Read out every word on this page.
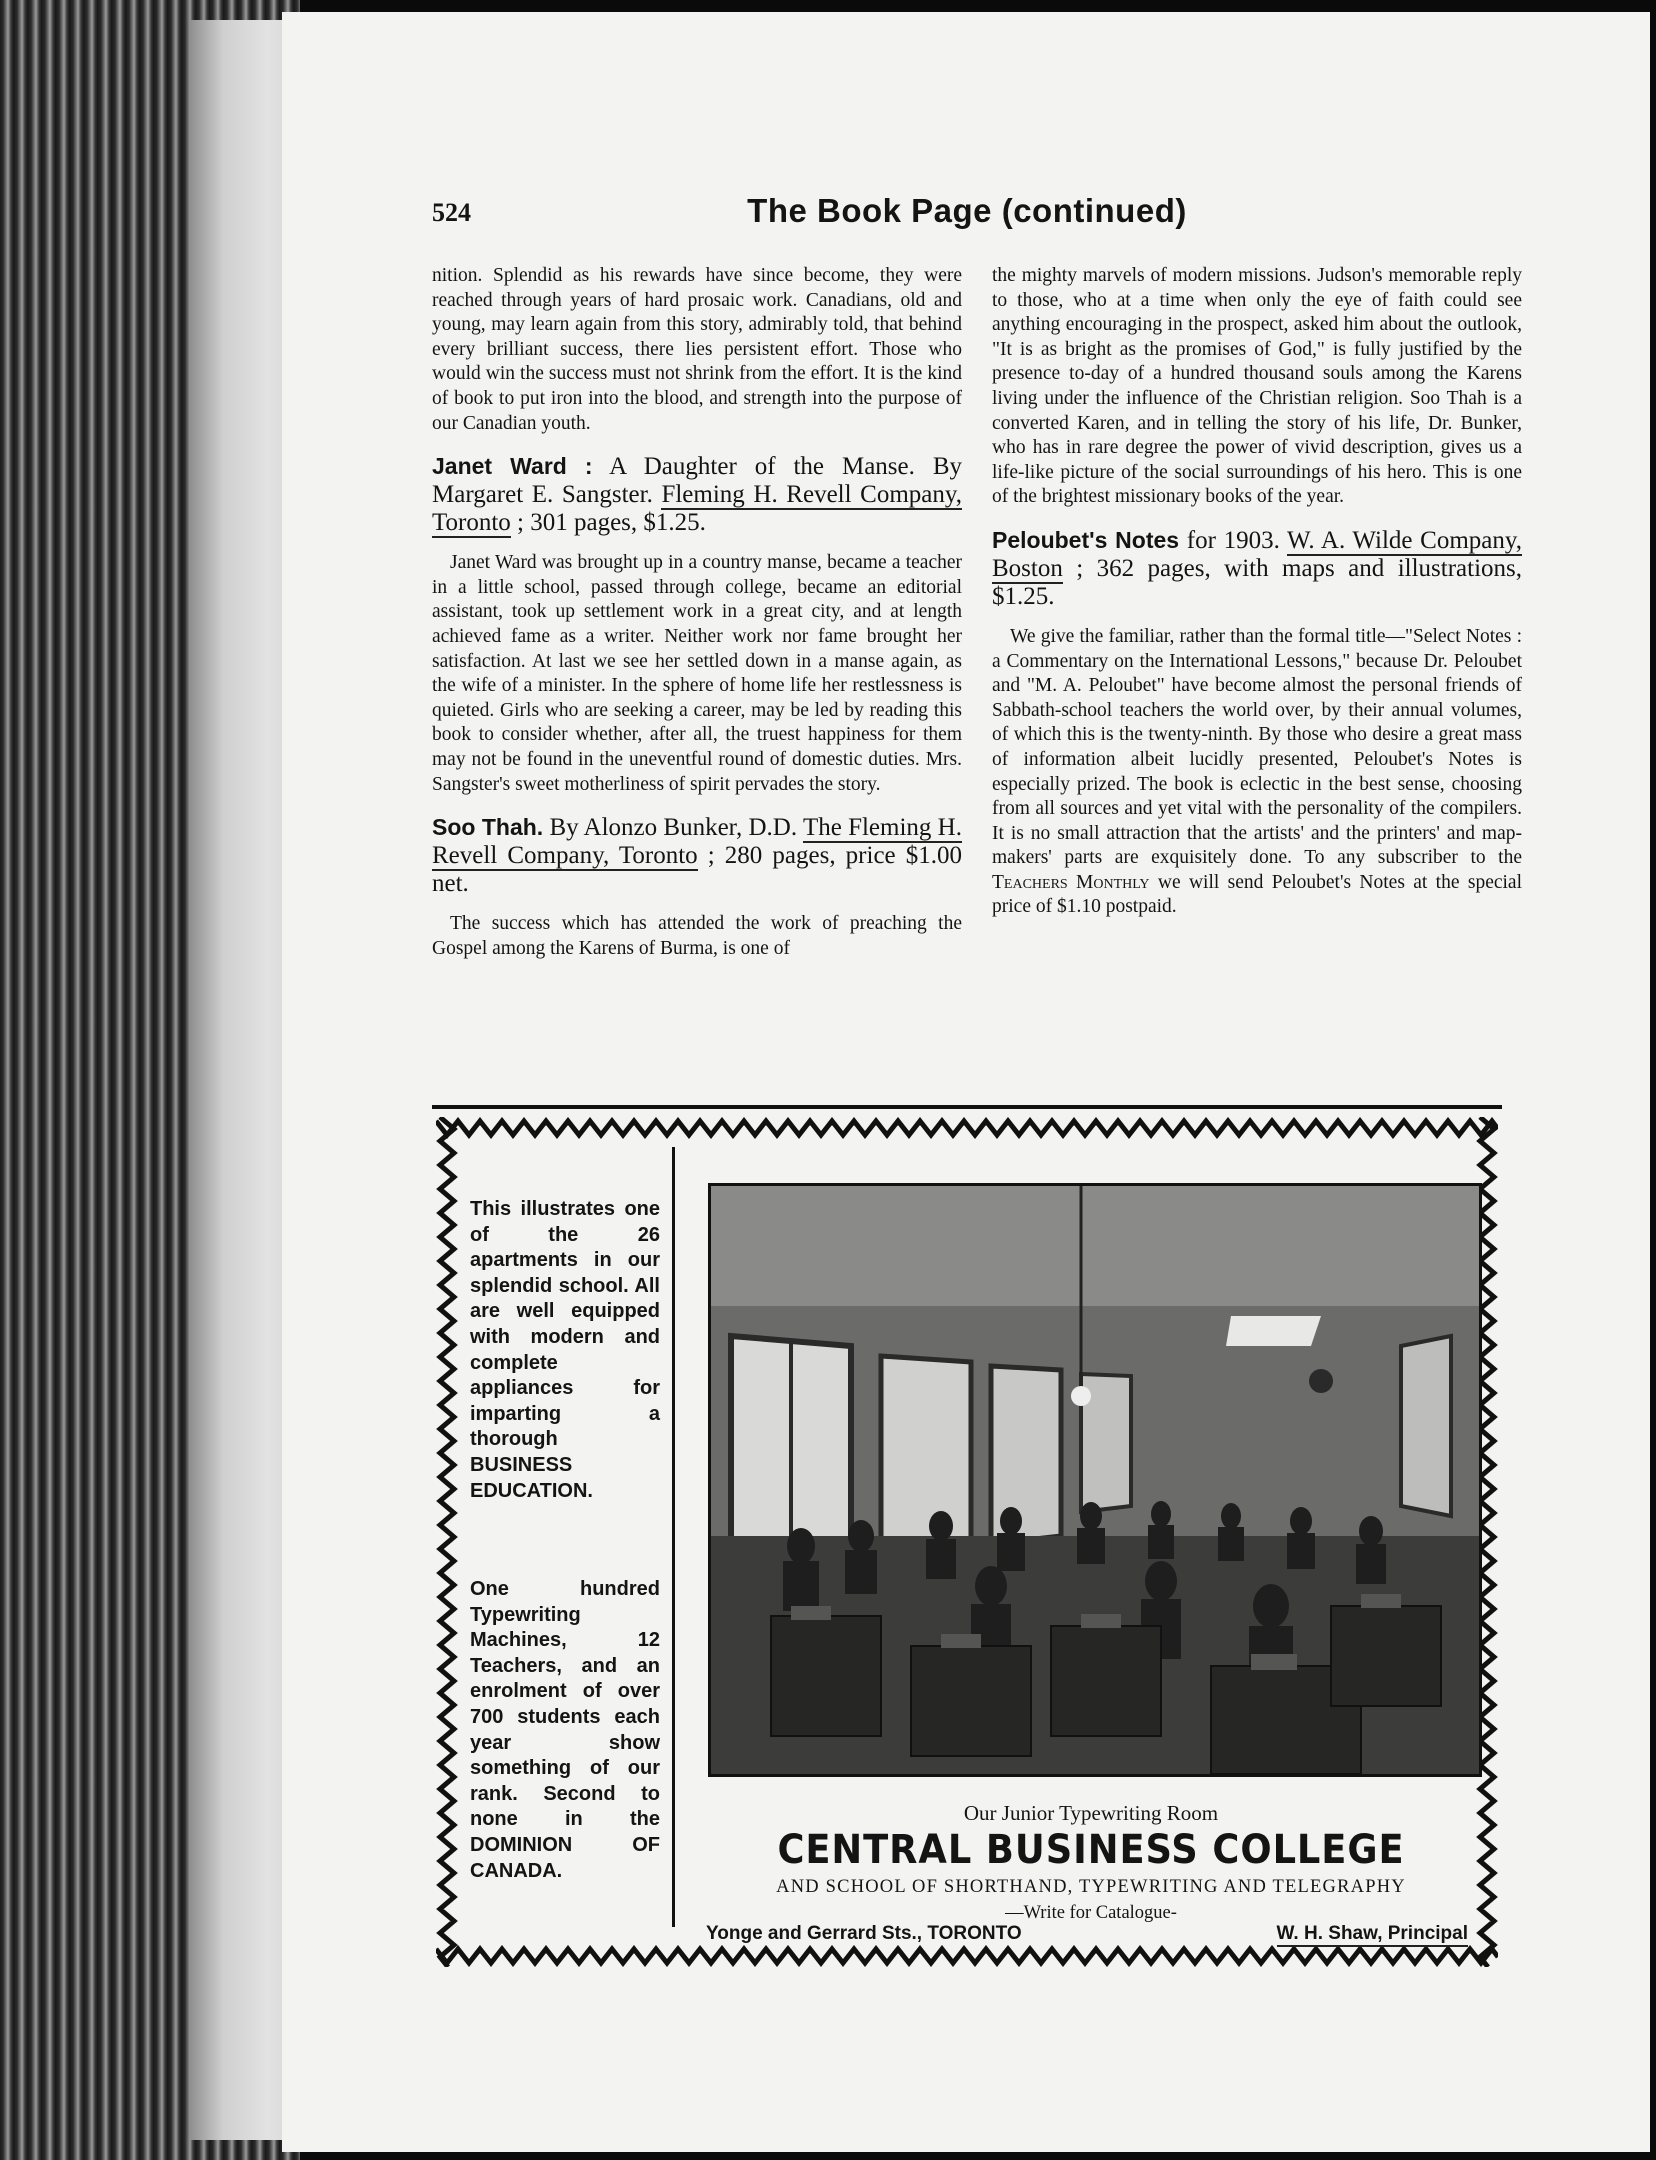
524	The Book Page (continued)

nition. Splendid as his rewards have since become, they were reached through years of hard prosaic work. Canadians, old and young, may learn again from this story, admirably told, that behind every brilliant success, there lies persistent effort. Those who would win the success must not shrink from the effort. It is the kind of book to put iron into the blood, and strength into the purpose of our Canadian youth.

Janet Ward : A Daughter of the Manse. By Margaret E. Sangster. Fleming H. Revell Company, Toronto ; 301 pages, $1.25.

Janet Ward was brought up in a country manse, became a teacher in a little school, passed through college, became an editorial assistant, took up settlement work in a great city, and at length achieved fame as a writer. Neither work nor fame brought her satisfaction. At last we see her settled down in a manse again, as the wife of a minister. In the sphere of home life her restlessness is quieted. Girls who are seeking a career, may be led by reading this book to consider whether, after all, the truest happiness for them may not be found in the uneventful round of domestic duties. Mrs. Sangster's sweet motherliness of spirit pervades the story.

Soo Thah. By Alonzo Bunker, D.D. The Fleming H. Revell Company, Toronto ; 280 pages, price $1.00 net.

The success which has attended the work of preaching the Gospel among the Karens of Burma, is one of

the mighty marvels of modern missions. Judson's memorable reply to those, who at a time when only the eye of faith could see anything encouraging in the prospect, asked him about the outlook, "It is as bright as the promises of God," is fully justified by the presence to-day of a hundred thousand souls among the Karens living under the influence of the Christian religion. Soo Thah is a converted Karen, and in telling the story of his life, Dr. Bunker, who has in rare degree the power of vivid description, gives us a life-like picture of the social surroundings of his hero. This is one of the brightest missionary books of the year.

Peloubet's Notes for 1903. W. A. Wilde Company, Boston ; 362 pages, with maps and illustrations, $1.25.

We give the familiar, rather than the formal title—"Select Notes : a Commentary on the International Lessons," because Dr. Peloubet and "M. A. Peloubet" have become almost the personal friends of Sabbath-school teachers the world over, by their annual volumes, of which this is the twenty-ninth. By those who desire a great mass of information albeit lucidly presented, Peloubet's Notes is especially prized. The book is eclectic in the best sense, choosing from all sources and yet vital with the personality of the compilers. It is no small attraction that the artists' and the printers' and map-makers' parts are exquisitely done. To any subscriber to the Teachers Monthly we will send Peloubet's Notes at the special price of $1.10 postpaid.

This illustrates one of the 26 apartments in our splendid school. All are well equipped with modern and complete appliances for imparting a thorough BUSINESS EDUCATION.
One hundred Typewriting Machines, 12 Teachers, and an enrolment of over 700 students each year show something of our rank. Second to none in the DOMINION OF CANADA.
Our Junior Typewriting Room
CENTRAL BUSINESS COLLEGE
AND SCHOOL OF SHORTHAND, TYPEWRITING AND TELEGRAPHY
—Write for Catalogue-
Yonge and Gerrard Sts., TORONTO	W. H. Shaw, Principal
